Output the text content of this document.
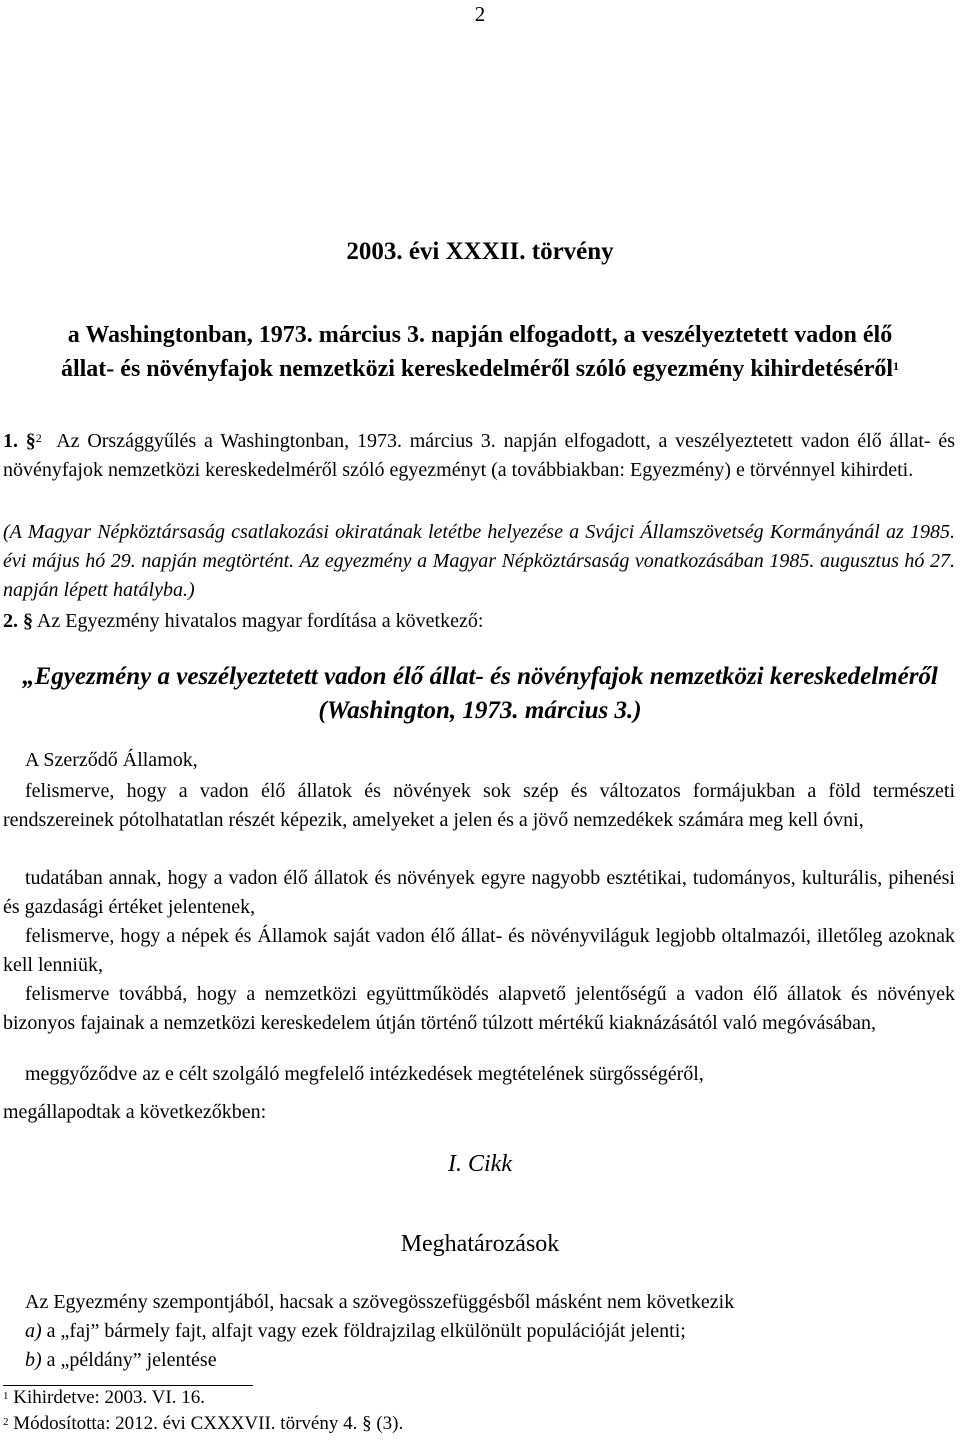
2
2003. évi XXXII. törvény
a Washingtonban, 1973. március 3. napján elfogadott, a veszélyeztetett vadon élő állat- és növényfajok nemzetközi kereskedelméről szóló egyezmény kihirdetéséről$^1$
1. §$^2$ Az Országgyűlés a Washingtonban, 1973. március 3. napján elfogadott, a veszélyeztetett vadon élő állat- és növényfajok nemzetközi kereskedelméről szóló egyezményt (a továbbiakban: Egyezmény) e törvénnyel kihirdeti.
(A Magyar Népköztársaság csatlakozási okiratának letétbe helyezése a Svájci Államszövetség Kormányánál az 1985. évi május hó 29. napján megtörtént. Az egyezmény a Magyar Népköztársaság vonatkozásában 1985. augusztus hó 27. napján lépett hatályba.)
2. § Az Egyezmény hivatalos magyar fordítása a következő:
„Egyezmény a veszélyeztetett vadon élő állat- és növényfajok nemzetközi kereskedelméről (Washington, 1973. március 3.)
A Szerződő Államok,
felismerve, hogy a vadon élő állatok és növények sok szép és változatos formájukban a föld természeti rendszereinek pótolhatatlan részét képezik, amelyeket a jelen és a jövő nemzedékek számára meg kell óvni,
tudatában annak, hogy a vadon élő állatok és növények egyre nagyobb esztétikai, tudományos, kulturális, pihenési és gazdasági értéket jelentenek,
felismerve, hogy a népek és Államok saját vadon élő állat- és növényviláguk legjobb oltalmazói, illetőleg azoknak kell lenniük,
felismerve továbbá, hogy a nemzetközi együttműködés alapvető jelentőségű a vadon élő állatok és növények bizonyos fajainak a nemzetközi kereskedelem útján történő túlzott mértékű kiaknázásától való megóvásában,
meggyőződve az e célt szolgáló megfelelő intézkedések megtételének sürgősségéről,
megállapodtak a következőkben:
I. Cikk
Meghatározások
Az Egyezmény szempontjából, hacsak a szövegösszefüggésből másként nem következik
a) a „faj” bármely fajt, alfajt vagy ezek földrajzilag elkülönült populációját jelenti;
b) a „példány” jelentése
$^1$ Kihirdetve: 2003. VI. 16.
$^2$ Módosította: 2012. évi CXXXVII. törvény 4. § (3).
